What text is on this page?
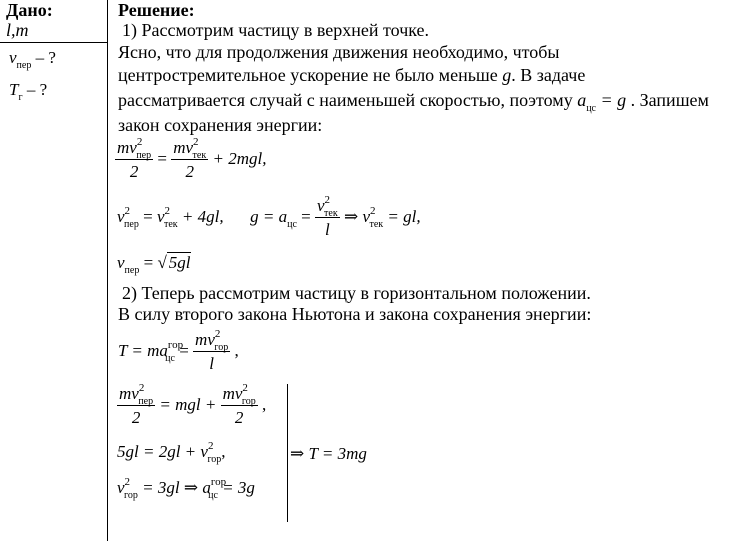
Дано:
l,m
$v_{пер}$ – ?
$T_г$ – ?
Решение:
1) Рассмотрим частицу в верхней точке.
Ясно, что для продолжения движения необходимо, чтобы
центростремительное ускорение не было меньше g. В задаче
рассматривается случай с наименьшей скоростью, поэтому $a_{цс} = g$ . Запишем
закон сохранения энергии:
$\frac{mv^2_{пер}}{2} = \frac{mv^2_{тек}}{2} + 2mgl$,
$v^2_{пер} = v^2_{тек} + 4gl$, $g = a_{цс} = \frac{v^2_{тек}}{l}$ ⇒ $v^2_{тек}$ = gl,
$v_{пер}$ = √ 5gl
2) Теперь рассмотрим частицу в горизонтальном положении.
В силу второго закона Ньютона и закона сохранения энергии:
$T = ma^{гор}_{цс} = \frac{mv^2_{гор}}{l}$ ,
$\frac{mv^2_{пер}}{2}$ = mgl + $\frac{mv^2_{гор}}{2}$ ,
$5gl = 2gl + v^2_{гор}$,
$v^2_{гор} = 3gl$ ⇒ $a^{гор}_{цс} = 3g$
⇒ T = 3mg
